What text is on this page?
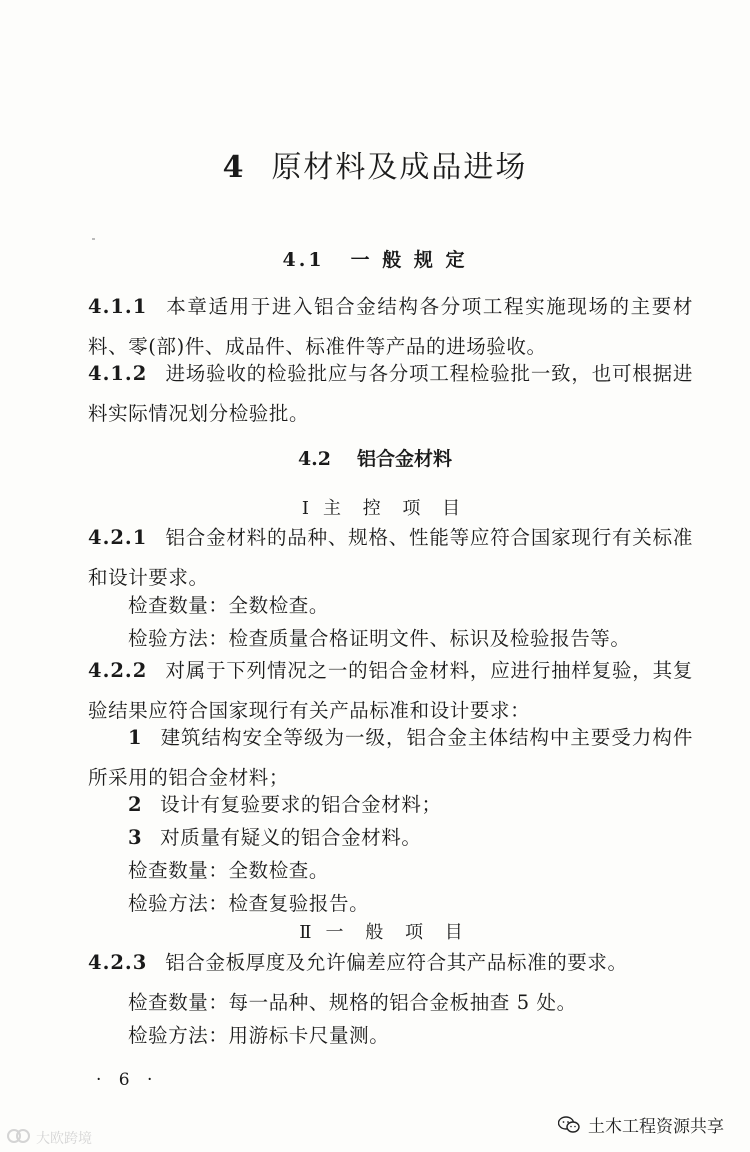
4 原材料及成品进场
4.1 一 般 规 定
4.1.1 本章适用于进入铝合金结构各分项工程实施现场的主要材料、零(部)件、成品件、标准件等产品的进场验收。
4.1.2 进场验收的检验批应与各分项工程检验批一致，也可根据进料实际情况划分检验批。
4.2 铝合金材料
Ⅰ 主 控 项 目
4.2.1 铝合金材料的品种、规格、性能等应符合国家现行有关标准和设计要求。
检查数量：全数检查。
检验方法：检查质量合格证明文件、标识及检验报告等。
4.2.2 对属于下列情况之一的铝合金材料，应进行抽样复验，其复验结果应符合国家现行有关产品标准和设计要求：
1 建筑结构安全等级为一级，铝合金主体结构中主要受力构件所采用的铝合金材料；
2 设计有复验要求的铝合金材料；
3 对质量有疑义的铝合金材料。
检查数量：全数检查。
检验方法：检查复验报告。
Ⅱ 一 般 项 目
4.2.3 铝合金板厚度及允许偏差应符合其产品标准的要求。
检查数量：每一品种、规格的铝合金板抽查 5 处。
检验方法：用游标卡尺量测。
· 6 ·
土木工程资源共享
大欧跨境
